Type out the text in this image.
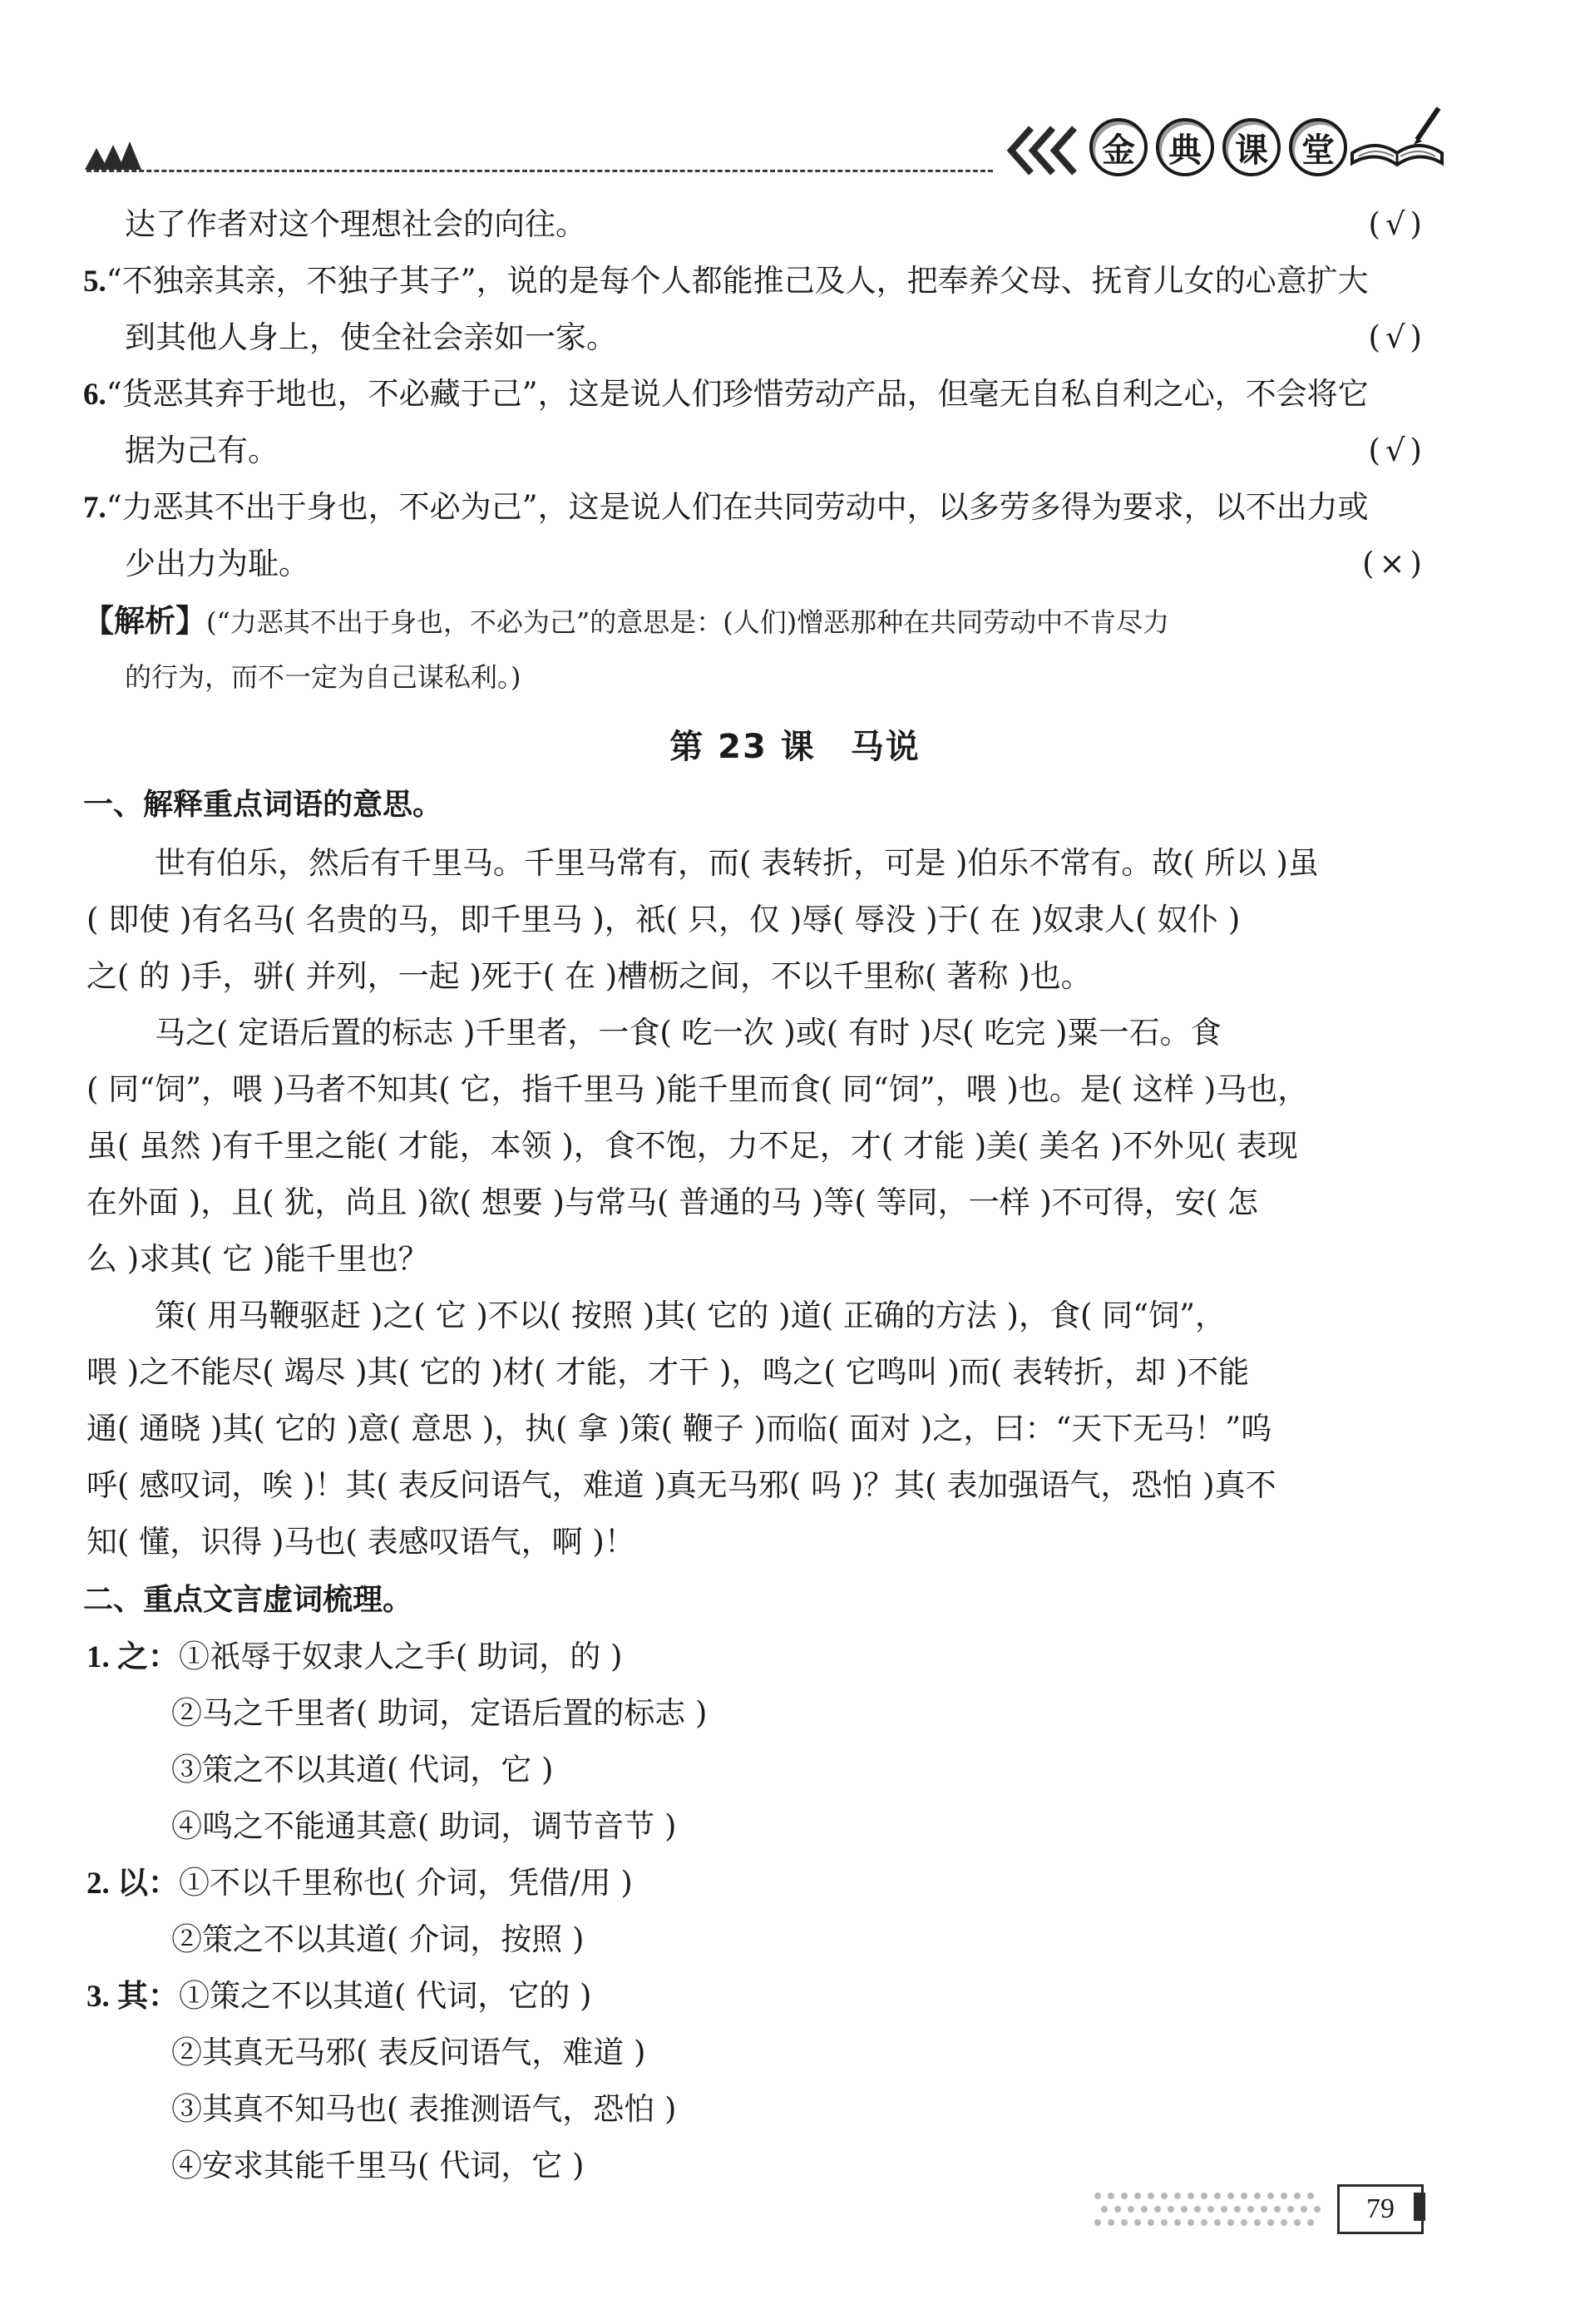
金	典	课	堂
达了作者对这个理想社会的向往。	(√)
5.“不独亲其亲，不独子其子”，说的是每个人都能推己及人，把奉养父母、抚育儿女的心意扩大
到其他人身上，使全社会亲如一家。	(√)
6.“货恶其弃于地也，不必藏于己”，这是说人们珍惜劳动产品，但毫无自私自利之心，不会将它
据为己有。	(√)
7.“力恶其不出于身也，不必为己”，这是说人们在共同劳动中，以多劳多得为要求，以不出力或
少出力为耻。	(×)
【解析】(“力恶其不出于身也，不必为己”的意思是：(人们)憎恶那种在共同劳动中不肯尽力
的行为，而不一定为自己谋私利。)
第 23 课　马说
一、解释重点词语的意思。
世有伯乐，然后有千里马。千里马常有，而( 表转折，可是 )伯乐不常有。故( 所以 )虽
( 即使 )有名马( 名贵的马，即千里马 )，祇( 只，仅 )辱( 辱没 )于( 在 )奴隶人( 奴仆 )
之( 的 )手，骈( 并列，一起 )死于( 在 )槽枥之间，不以千里称( 著称 )也。
马之( 定语后置的标志 )千里者，一食( 吃一次 )或( 有时 )尽( 吃完 )粟一石。食
( 同“饲”，喂 )马者不知其( 它，指千里马 )能千里而食( 同“饲”，喂 )也。是( 这样 )马也，
虽( 虽然 )有千里之能( 才能，本领 )，食不饱，力不足，才( 才能 )美( 美名 )不外见( 表现
在外面 )，且( 犹，尚且 )欲( 想要 )与常马( 普通的马 )等( 等同，一样 )不可得，安( 怎
么 )求其( 它 )能千里也？
策( 用马鞭驱赶 )之( 它 )不以( 按照 )其( 它的 )道( 正确的方法 )，食( 同“饲”，
喂 )之不能尽( 竭尽 )其( 它的 )材( 才能，才干 )，鸣之( 它鸣叫 )而( 表转折，却 )不能
通( 通晓 )其( 它的 )意( 意思 )，执( 拿 )策( 鞭子 )而临( 面对 )之，曰：“天下无马！”呜
呼( 感叹词，唉 )！其( 表反问语气，难道 )真无马邪( 吗 )？其( 表加强语气，恐怕 )真不
知( 懂，识得 )马也( 表感叹语气，啊 )！
二、重点文言虚词梳理。
1. 之：①祇辱于奴隶人之手( 助词，的 )
②马之千里者( 助词，定语后置的标志 )
③策之不以其道( 代词，它 )
④鸣之不能通其意( 助词，调节音节 )
2. 以：①不以千里称也( 介词，凭借/用 )
②策之不以其道( 介词，按照 )
3. 其：①策之不以其道( 代词，它的 )
②其真无马邪( 表反问语气，难道 )
③其真不知马也( 表推测语气，恐怕 )
④安求其能千里马( 代词，它 )
79
